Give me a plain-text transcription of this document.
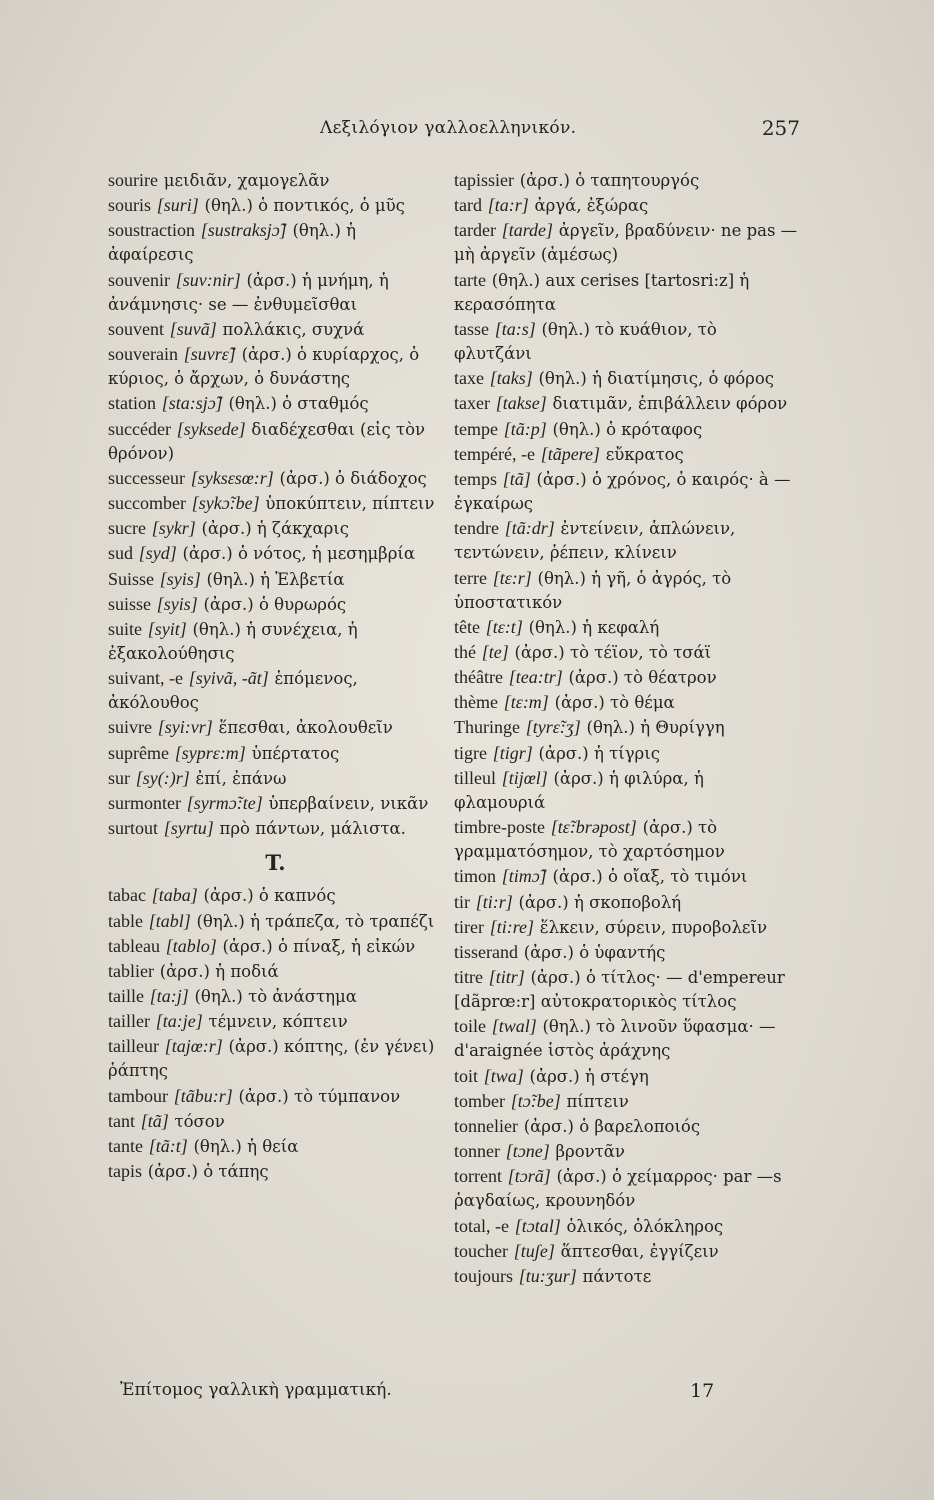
Λεξιλόγιον γαλλοελληνικόν.	257

sourire μειδιᾶν, χαμογελᾶν

souris [suri] (θηλ.) ὁ ποντικός, ὁ μῦς

soustraction [sustraksjɔ̃] (θηλ.) ἡ ἀφαίρεσις

souvenir [suv:nir] (ἀρσ.) ἡ μνήμη, ἡ ἀνάμνησις· se — ἐνθυμεῖσθαι

souvent [suvã] πολλάκις, συχνά

souverain [suvrɛ̃] (ἀρσ.) ὁ κυρίαρχος, ὁ κύριος, ὁ ἄρχων, ὁ δυνάστης

station [sta:sjɔ̃] (θηλ.) ὁ σταθμός

succéder [syksede] διαδέχεσθαι (εἰς τὸν θρόνον)

successeur [syksɛsœ:r] (ἀρσ.) ὁ διάδοχος

succomber [sykɔ̃:be] ὑποκύπτειν, πίπτειν

sucre [sykr] (ἀρσ.) ἡ ζάκχαρις

sud [syd] (ἀρσ.) ὁ νότος, ἡ μεσημβρία

Suisse [syis] (θηλ.) ἡ Ἑλβετία

suisse [syis] (ἀρσ.) ὁ θυρωρός

suite [syit] (θηλ.) ἡ συνέχεια, ἡ ἐξακολούθησις

suivant, -e [syivã, -ãt] ἑπόμενος, ἀκόλουθος

suivre [syi:vr] ἕπεσθαι, ἀκολουθεῖν

suprême [syprɛ:m] ὑπέρτατος

sur [sy(:)r] ἐπί, ἐπάνω

surmonter [syrmɔ̃:te] ὑπερβαίνειν, νικᾶν

surtout [syrtu] πρὸ πάντων, μάλιστα.

T.

tabac [taba] (ἀρσ.) ὁ καπνός

table [tabl] (θηλ.) ἡ τράπεζα, τὸ τραπέζι

tableau [tablo] (ἀρσ.) ὁ πίναξ, ἡ εἰκών

tablier (ἀρσ.) ἡ ποδιά

taille [ta:j] (θηλ.) τὸ ἀνάστημα

tailler [ta:je] τέμνειν, κόπτειν

tailleur [tajœ:r] (ἀρσ.) κόπτης, (ἐν γένει) ῥάπτης

tambour [tãbu:r] (ἀρσ.) τὸ τύμπανον

tant [tã] τόσον

tante [tã:t] (θηλ.) ἡ θεία

tapis (ἀρσ.) ὁ τάπης

tapissier (ἀρσ.) ὁ ταπητουργός

tard [ta:r] ἀργά, ἐξώρας

tarder [tarde] ἀργεῖν, βραδύνειν· ne pas — μὴ ἀργεῖν (ἀμέσως)

tarte (θηλ.) aux cerises [tartosri:z] ἡ κερασόπητα

tasse [ta:s] (θηλ.) τὸ κυάθιον, τὸ φλυτζάνι

taxe [taks] (θηλ.) ἡ διατίμησις, ὁ φόρος

taxer [takse] διατιμᾶν, ἐπιβάλλειν φόρον

tempe [tã:p] (θηλ.) ὁ κρόταφος

tempéré, -e [tãpere] εὔκρατος

temps [tã] (ἀρσ.) ὁ χρόνος, ὁ καιρός· à — ἐγκαίρως

tendre [tã:dr] ἐντείνειν, ἁπλώνειν, τεντώνειν, ῥέπειν, κλίνειν

terre [tɛ:r] (θηλ.) ἡ γῆ, ὁ ἀγρός, τὸ ὑποστατικόν

tête [tɛ:t] (θηλ.) ἡ κεφαλή

thé [te] (ἀρσ.) τὸ τέϊον, τὸ τσάϊ

théâtre [tea:tr] (ἀρσ.) τὸ θέατρον

thème [tɛ:m] (ἀρσ.) τὸ θέμα

Thuringe [tyrɛ̃:ʒ] (θηλ.) ἡ Θυρίγγη

tigre [tigr] (ἀρσ.) ἡ τίγρις

tilleul [tijœl] (ἀρσ.) ἡ φιλύρα, ἡ φλαμουριά

timbre-poste [tɛ̃:brəpost] (ἀρσ.) τὸ γραμματόσημον, τὸ χαρτόσημον

timon [timɔ̃] (ἀρσ.) ὁ οἴαξ, τὸ τιμόνι

tir [ti:r] (ἀρσ.) ἡ σκοποβολή

tirer [ti:re] ἕλκειν, σύρειν, πυροβολεῖν

tisserand (ἀρσ.) ὁ ὑφαντής

titre [titr] (ἀρσ.) ὁ τίτλος· — d'empereur [dãprœ:r] αὐτοκρατορικὸς τίτλος

toile [twal] (θηλ.) τὸ λινοῦν ὕφασμα· — d'araignée ἱστὸς ἀράχνης

toit [twa] (ἀρσ.) ἡ στέγη

tomber [tɔ̃:be] πίπτειν

tonnelier (ἀρσ.) ὁ βαρελοποιός

tonner [tɔne] βροντᾶν

torrent [tɔrã] (ἀρσ.) ὁ χείμαρρος· par —s ῥαγδαίως, κρουνηδόν

total, -e [tɔtal] ὁλικός, ὁλόκληρος

toucher [tuʃe] ἅπτεσθαι, ἐγγίζειν

toujours [tu:ʒur] πάντοτε

Ἐπίτομος γαλλικὴ γραμματική.	17
